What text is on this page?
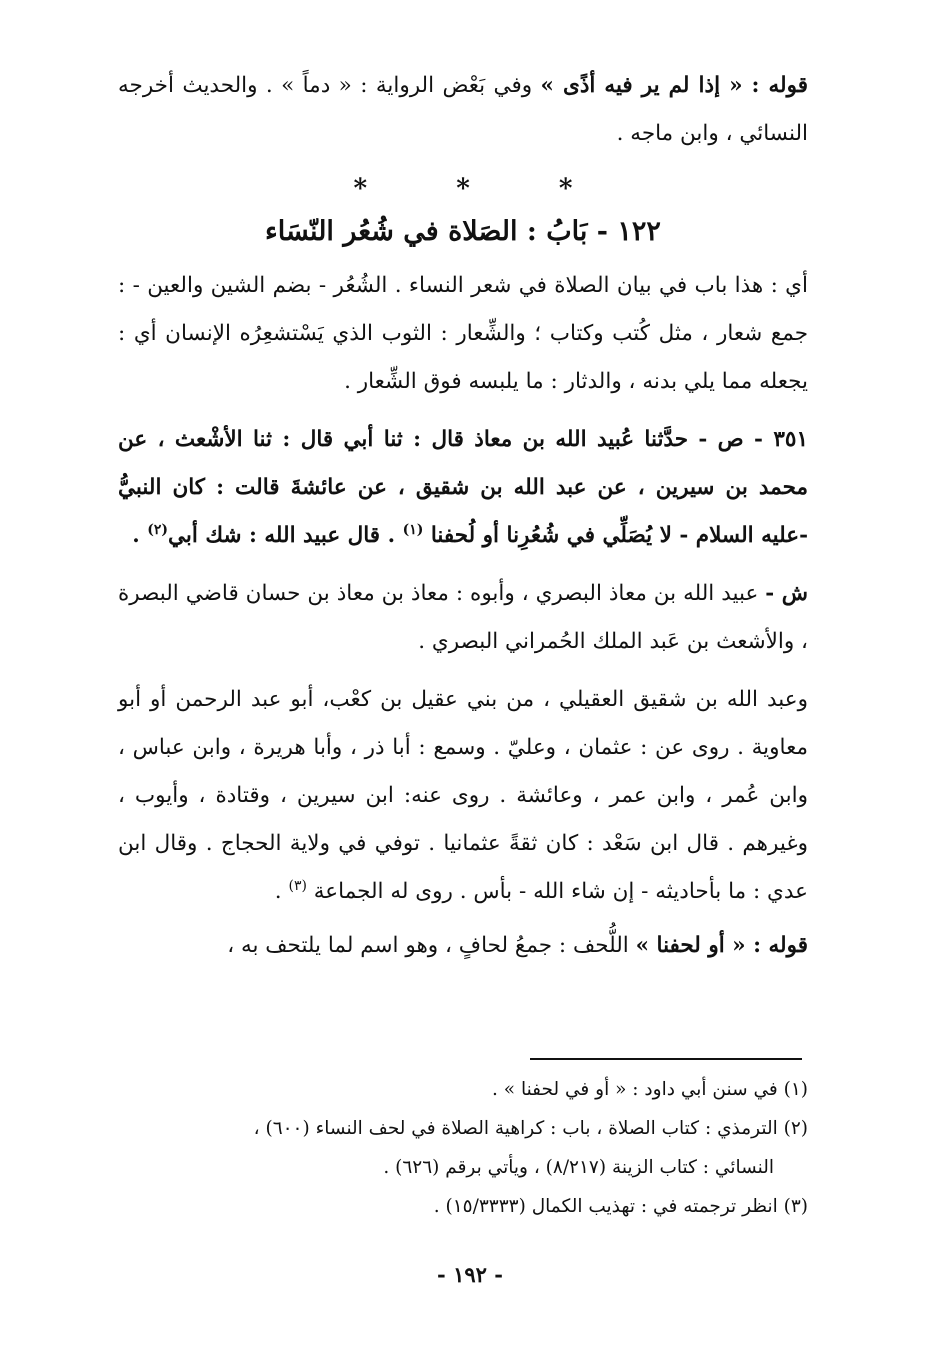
قوله : « إذا لم ير فيه أذًى » وفي بَعْض الرواية : « دماً » . والحديث أخرجه النسائي ، وابن ماجه .

* * *
١٢٢ - بَابُ : الصَلاة في شُعُر النّسَاء

أي : هذا باب في بيان الصلاة في شعر النساء . الشُعُر - بضم الشين والعين - : جمع شعار ، مثل كُتب وكتاب ؛ والشِّعار : الثوب الذي يَسْتشعِرُه الإنسان أي : يجعله مما يلي بدنه ، والدثار : ما يلبسه فوق الشِّعار .

٣٥١ - ص - حدَّثنا عُبيد الله بن معاذ قال : ثنا أبي قال : ثنا الأشْعث ، عن محمد بن سيرين ، عن عبد الله بن شقيق ، عن عائشةَ قالت : كان النبيُّ -عليه السلام - لا يُصَلِّي في شُعُرِنا أو لُحفنا $^{(١)}$ . قال عبيد الله : شك أبي$^{(٢)}$ .

ش - عبيد الله بن معاذ البصري ، وأبوه : معاذ بن معاذ بن حسان قاضي البصرة ، والأشعث بن عَبد الملك الحُمراني البصري .

وعبد الله بن شقيق العقيلي ، من بني عقيل بن كعْب، أبو عبد الرحمن أو أبو معاوية . روى عن : عثمان ، وعليّ . وسمع : أبا ذر ، وأبا هريرة ، وابن عباس ، وابن عُمر ، وابن عمر ، وعائشة . روى عنه: ابن سيرين ، وقتادة ، وأيوب ، وغيرهم . قال ابن سَعْد : كان ثقةً عثمانيا . توفي في ولاية الحجاج . وقال ابن عدي : ما بأحاديثه - إن شاء الله - بأس . روى له الجماعة $^{(٣)}$ .

قوله : « أو لحفنا » اللُّحف : جمعُ لحافٍ ، وهو اسم لما يلتحف به ،

(١) في سنن أبي داود : « أو في لحفنا » .

(٢) الترمذي : كتاب الصلاة ، باب : كراهية الصلاة في لحف النساء (٦٠٠) ،

النسائي : كتاب الزينة (٨/٢١٧) ، ويأتي برقم (٦٢٦) .

(٣) انظر ترجمته في : تهذيب الكمال (١٥/٣٣٣٣) .

- ١٩٢ -
